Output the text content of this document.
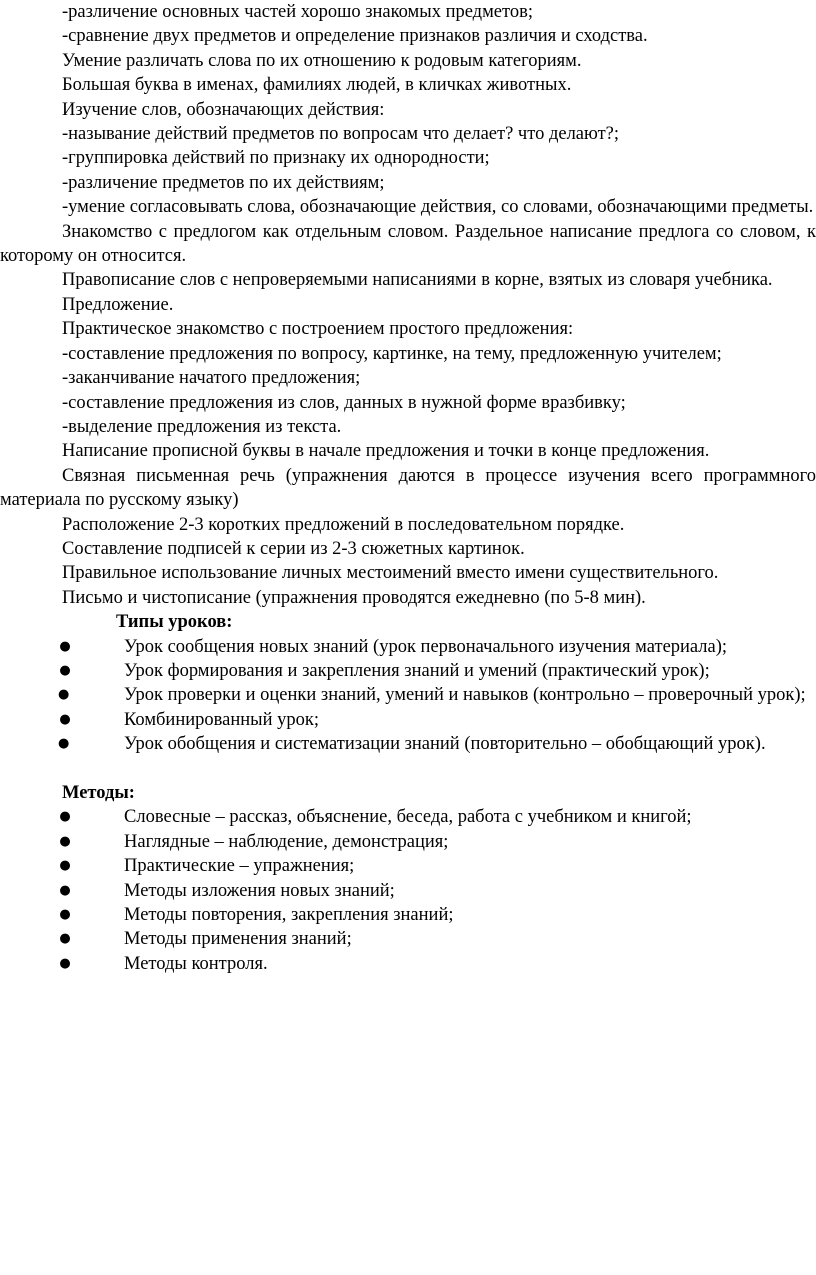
-различение основных частей хорошо знакомых предметов;

-сравнение двух предметов и определение признаков различия и сходства.

Умение различать слова по их отношению к родовым категориям.

Большая буква в именах, фамилиях людей, в кличках животных.

Изучение слов, обозначающих действия:

-называние действий предметов по вопросам что делает? что делают?;

-группировка действий по признаку их однородности;

-различение предметов по их действиям;

-умение согласовывать слова, обозначающие действия, со словами, обозначающими предметы.

Знакомство с предлогом как отдельным словом. Раздельное написание предлога со словом, к которому он относится.

Правописание слов с непроверяемыми написаниями в корне, взятых из словаря учебника.

Предложение.

Практическое знакомство с построением простого предложения:

-составление предложения по вопросу, картинке, на тему, предложенную учителем;

-заканчивание начатого предложения;

-составление предложения из слов, данных в нужной форме вразбивку;

-выделение предложения из текста.

Написание прописной буквы в начале предложения и точки в конце предложения.

Связная письменная речь (упражнения даются в процессе изучения всего программного материала по русскому языку)

Расположение 2-3 коротких предложений в последовательном порядке.

Составление подписей к серии из 2-3 сюжетных картинок.

Правильное использование личных местоимений вместо имени существительного.

Письмо и чистописание (упражнения проводятся ежедневно (по 5-8 мин).

Типы уроков:

●	Урок сообщения новых знаний (урок первоначального изучения материала);

●	Урок формирования и закрепления знаний и умений (практический урок);

●	Урок проверки и оценки знаний, умений и навыков (контрольно – проверочный урок);

●	Комбинированный урок;

●	Урок обобщения и систематизации знаний (повторительно – обобщающий урок).

Методы:

●	Словесные – рассказ, объяснение, беседа, работа с учебником и книгой;

●	Наглядные – наблюдение, демонстрация;

●	Практические – упражнения;

●	Методы изложения новых знаний;

●	Методы повторения, закрепления знаний;

●	Методы применения знаний;

●	Методы контроля.
